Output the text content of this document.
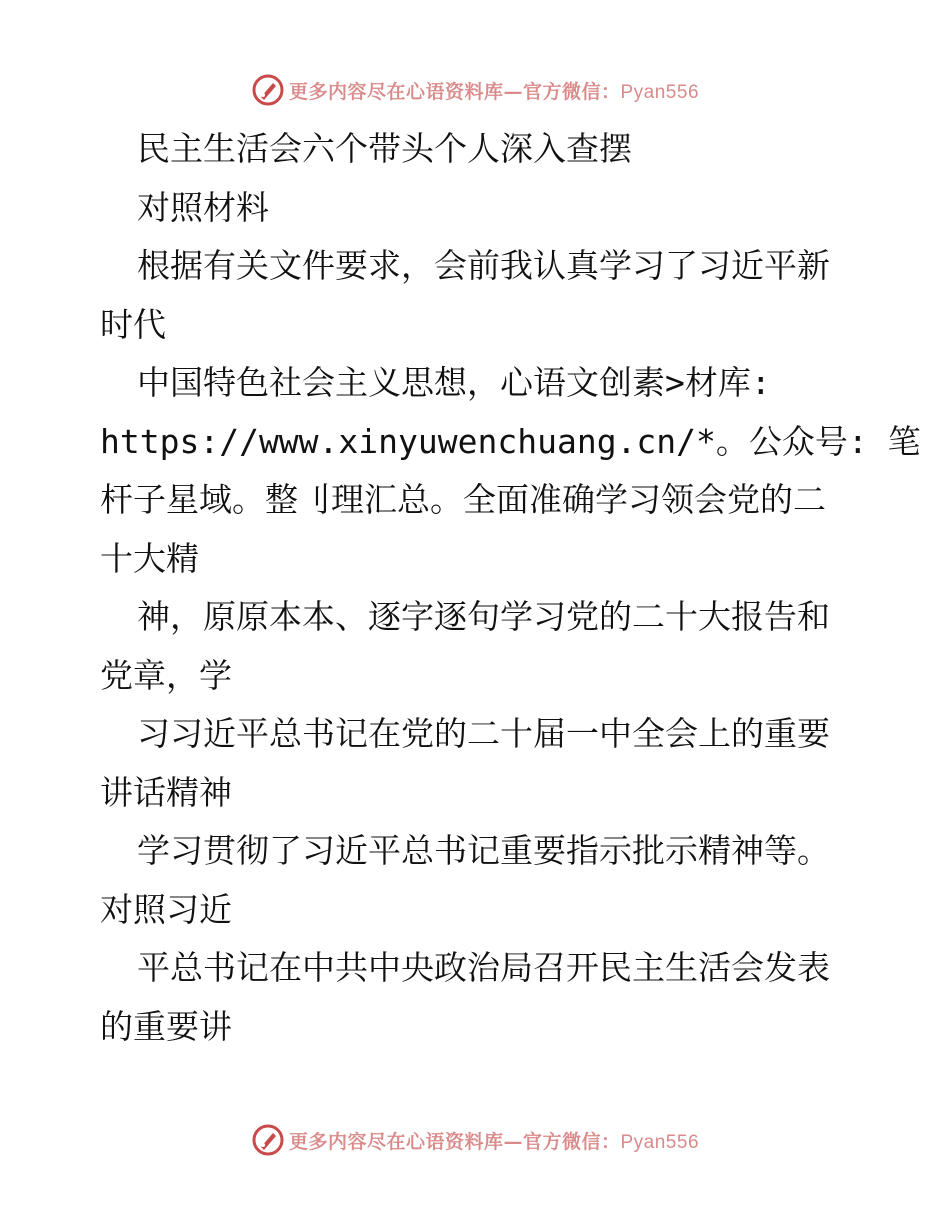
更多内容尽在心语资料库—官方微信：Pyan556

民主生活会六个带头个人深入查摆

对照材料

根据有关文件要求，会前我认真学习了习近平新

时代

中国特色社会主义思想，心语文创素>材库:

https://www.xinyuwenchuang.cn/*。公众号: 笔

杆子星域。整刂理汇总。全面准确学习领会党的二

十大精

神，原原本本、逐字逐句学习党的二十大报告和

党章，学

习习近平总书记在党的二十届一中全会上的重要

讲话精神

学习贯彻了习近平总书记重要指示批示精神等。

对照习近

平总书记在中共中央政治局召开民主生活会发表

的重要讲

更多内容尽在心语资料库—官方微信：Pyan556
